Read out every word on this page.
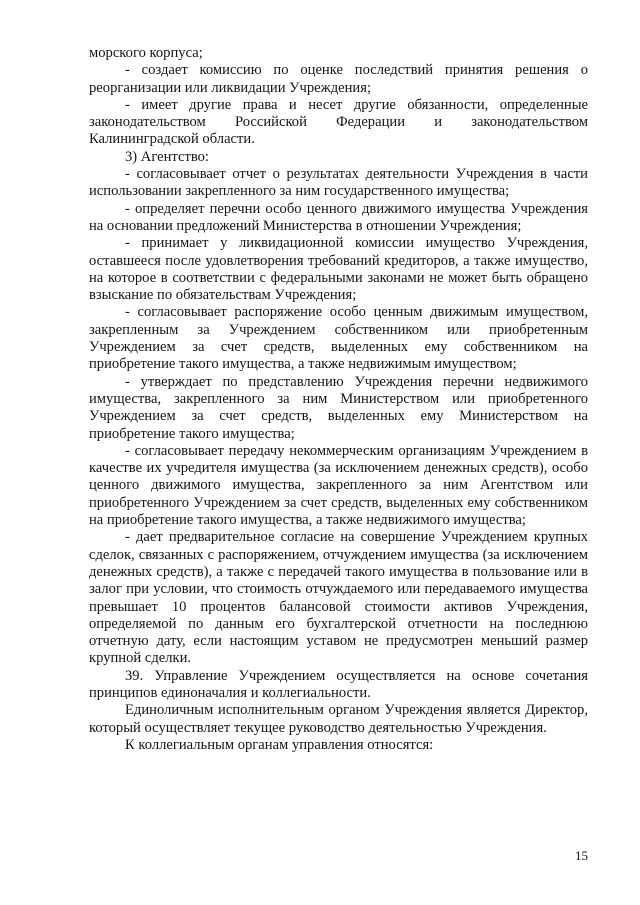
морского корпуса;

- создает комиссию по оценке последствий принятия решения о реорганизации или ликвидации Учреждения;

- имеет другие права и несет другие обязанности, определенные законодательством Российской Федерации и законодательством Калининградской области.

3) Агентство:

- согласовывает отчет о результатах деятельности Учреждения в части использовании закрепленного за ним государственного имущества;

- определяет перечни особо ценного движимого имущества Учреждения на основании предложений Министерства в отношении Учреждения;

- принимает у ликвидационной комиссии имущество Учреждения, оставшееся после удовлетворения требований кредиторов, а также имущество, на которое в соответствии с федеральными законами не может быть обращено взыскание по обязательствам Учреждения;

- согласовывает распоряжение особо ценным движимым имуществом, закрепленным за Учреждением собственником или приобретенным Учреждением за счет средств, выделенных ему собственником на приобретение такого имущества, а также недвижимым имуществом;

- утверждает по представлению Учреждения перечни недвижимого имущества, закрепленного за ним Министерством или приобретенного Учреждением за счет средств, выделенных ему Министерством на приобретение такого имущества;

- согласовывает передачу некоммерческим организациям Учреждением в качестве их учредителя имущества (за исключением денежных средств), особо ценного движимого имущества, закрепленного за ним Агентством или приобретенного Учреждением за счет средств, выделенных ему собственником на приобретение такого имущества, а также недвижимого имущества;

- дает предварительное согласие на совершение Учреждением крупных сделок, связанных с распоряжением, отчуждением имущества (за исключением денежных средств), а также с передачей такого имущества в пользование или в залог при условии, что стоимость отчуждаемого или передаваемого имущества превышает 10 процентов балансовой стоимости активов Учреждения, определяемой по данным его бухгалтерской отчетности на последнюю отчетную дату, если настоящим уставом не предусмотрен меньший размер крупной сделки.

39. Управление Учреждением осуществляется на основе сочетания принципов единоначалия и коллегиальности.

Единоличным исполнительным органом Учреждения является Директор, который осуществляет текущее руководство деятельностью Учреждения.

К коллегиальным органам управления относятся:

15
